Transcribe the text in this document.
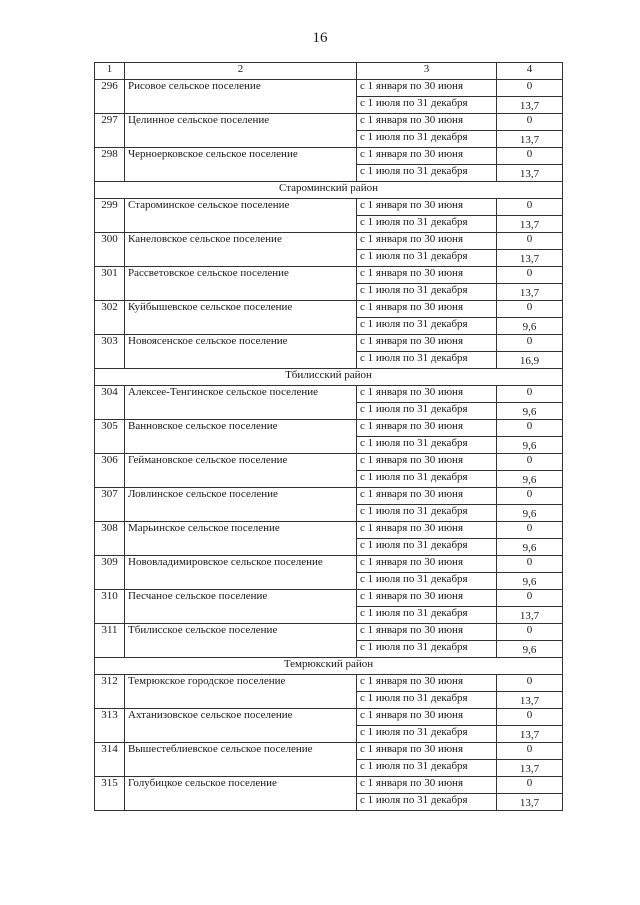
16
1	2	3	4
296	Рисовое сельское поселение	с 1 января по 30 июня	0
		с 1 июля по 31 декабря	13,7
297	Целинное сельское поселение	с 1 января по 30 июня	0
		с 1 июля по 31 декабря	13,7
298	Черноерковское сельское поселение	с 1 января по 30 июня	0
		с 1 июля по 31 декабря	13,7
Староминский район			
299	Староминское сельское поселение	с 1 января по 30 июня	0
		с 1 июля по 31 декабря	13,7
300	Канеловское сельское поселение	с 1 января по 30 июня	0
		с 1 июля по 31 декабря	13,7
301	Рассветовское сельское поселение	с 1 января по 30 июня	0
		с 1 июля по 31 декабря	13,7
302	Куйбышевское сельское поселение	с 1 января по 30 июня	0
		с 1 июля по 31 декабря	9,6
303	Новоясенское сельское поселение	с 1 января по 30 июня	0
		с 1 июля по 31 декабря	16,9
Тбилисский район			
304	Алексее-Тенгинское сельское поселение	с 1 января по 30 июня	0
		с 1 июля по 31 декабря	9,6
305	Ванновское сельское поселение	с 1 января по 30 июня	0
		с 1 июля по 31 декабря	9,6
306	Геймановское сельское поселение	с 1 января по 30 июня	0
		с 1 июля по 31 декабря	9,6
307	Ловлинское сельское поселение	с 1 января по 30 июня	0
		с 1 июля по 31 декабря	9,6
308	Марьинское сельское поселение	с 1 января по 30 июня	0
		с 1 июля по 31 декабря	9,6
309	Нововладимировское сельское поселение	с 1 января по 30 июня	0
		с 1 июля по 31 декабря	9,6
310	Песчаное сельское поселение	с 1 января по 30 июня	0
		с 1 июля по 31 декабря	13,7
311	Тбилисское сельское поселение	с 1 января по 30 июня	0
		с 1 июля по 31 декабря	9,6
Темрюкский район			
312	Темрюкское городское поселение	с 1 января по 30 июня	0
		с 1 июля по 31 декабря	13,7
313	Ахтанизовское сельское поселение	с 1 января по 30 июня	0
		с 1 июля по 31 декабря	13,7
314	Вышестеблиевское сельское поселение	с 1 января по 30 июня	0
		с 1 июля по 31 декабря	13,7
315	Голубицкое сельское поселение	с 1 января по 30 июня	0
		с 1 июля по 31 декабря	13,7
